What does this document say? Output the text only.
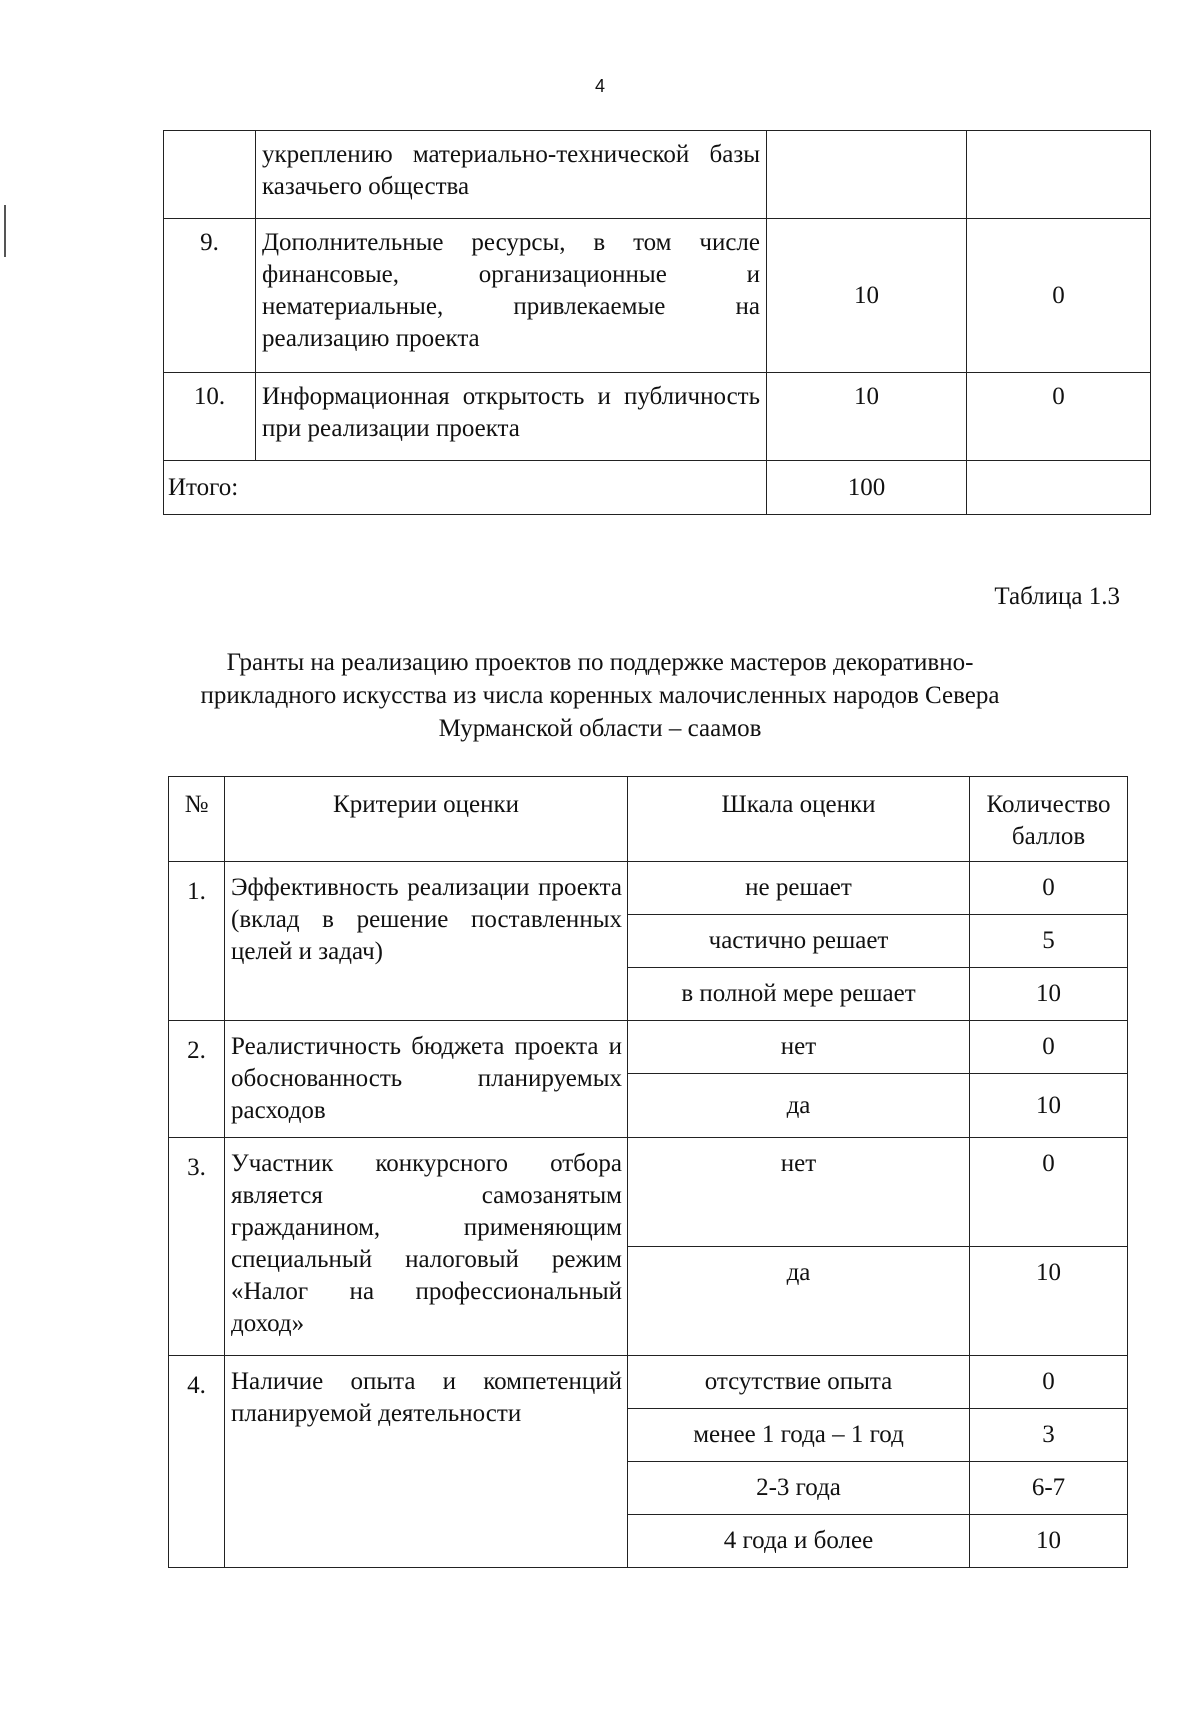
4
	укреплению материально-технической базы казачьего общества		
9.	Дополнительные ресурсы, в том числе финансовые, организационные и нематериальные, привлекаемые на реализацию проекта	10	0
10.	Информационная открытость и публичность при реализации проекта	10	0
Итого:		100	
Таблица 1.3
Гранты на реализацию проектов по поддержке мастеров декоративно-прикладного искусства из числа коренных малочисленных народов Севера Мурманской области – саамов
№	Критерии оценки	Шкала оценки	Количество баллов
1.	Эффективность реализации проекта (вклад в решение поставленных целей и задач)	не решает	0
		частично решает	5
		в полной мере решает	10
2.	Реалистичность бюджета проекта и обоснованность планируемых расходов	нет	0
		да	10
3.	Участник конкурсного отбора является самозанятым гражданином, применяющим специальный налоговый режим «Налог на профессиональный доход»	нет	0
		да	10
4.	Наличие опыта и компетенций планируемой деятельности	отсутствие опыта	0
		менее 1 года – 1 год	3
		2-3 года	6-7
		4 года и более	10
